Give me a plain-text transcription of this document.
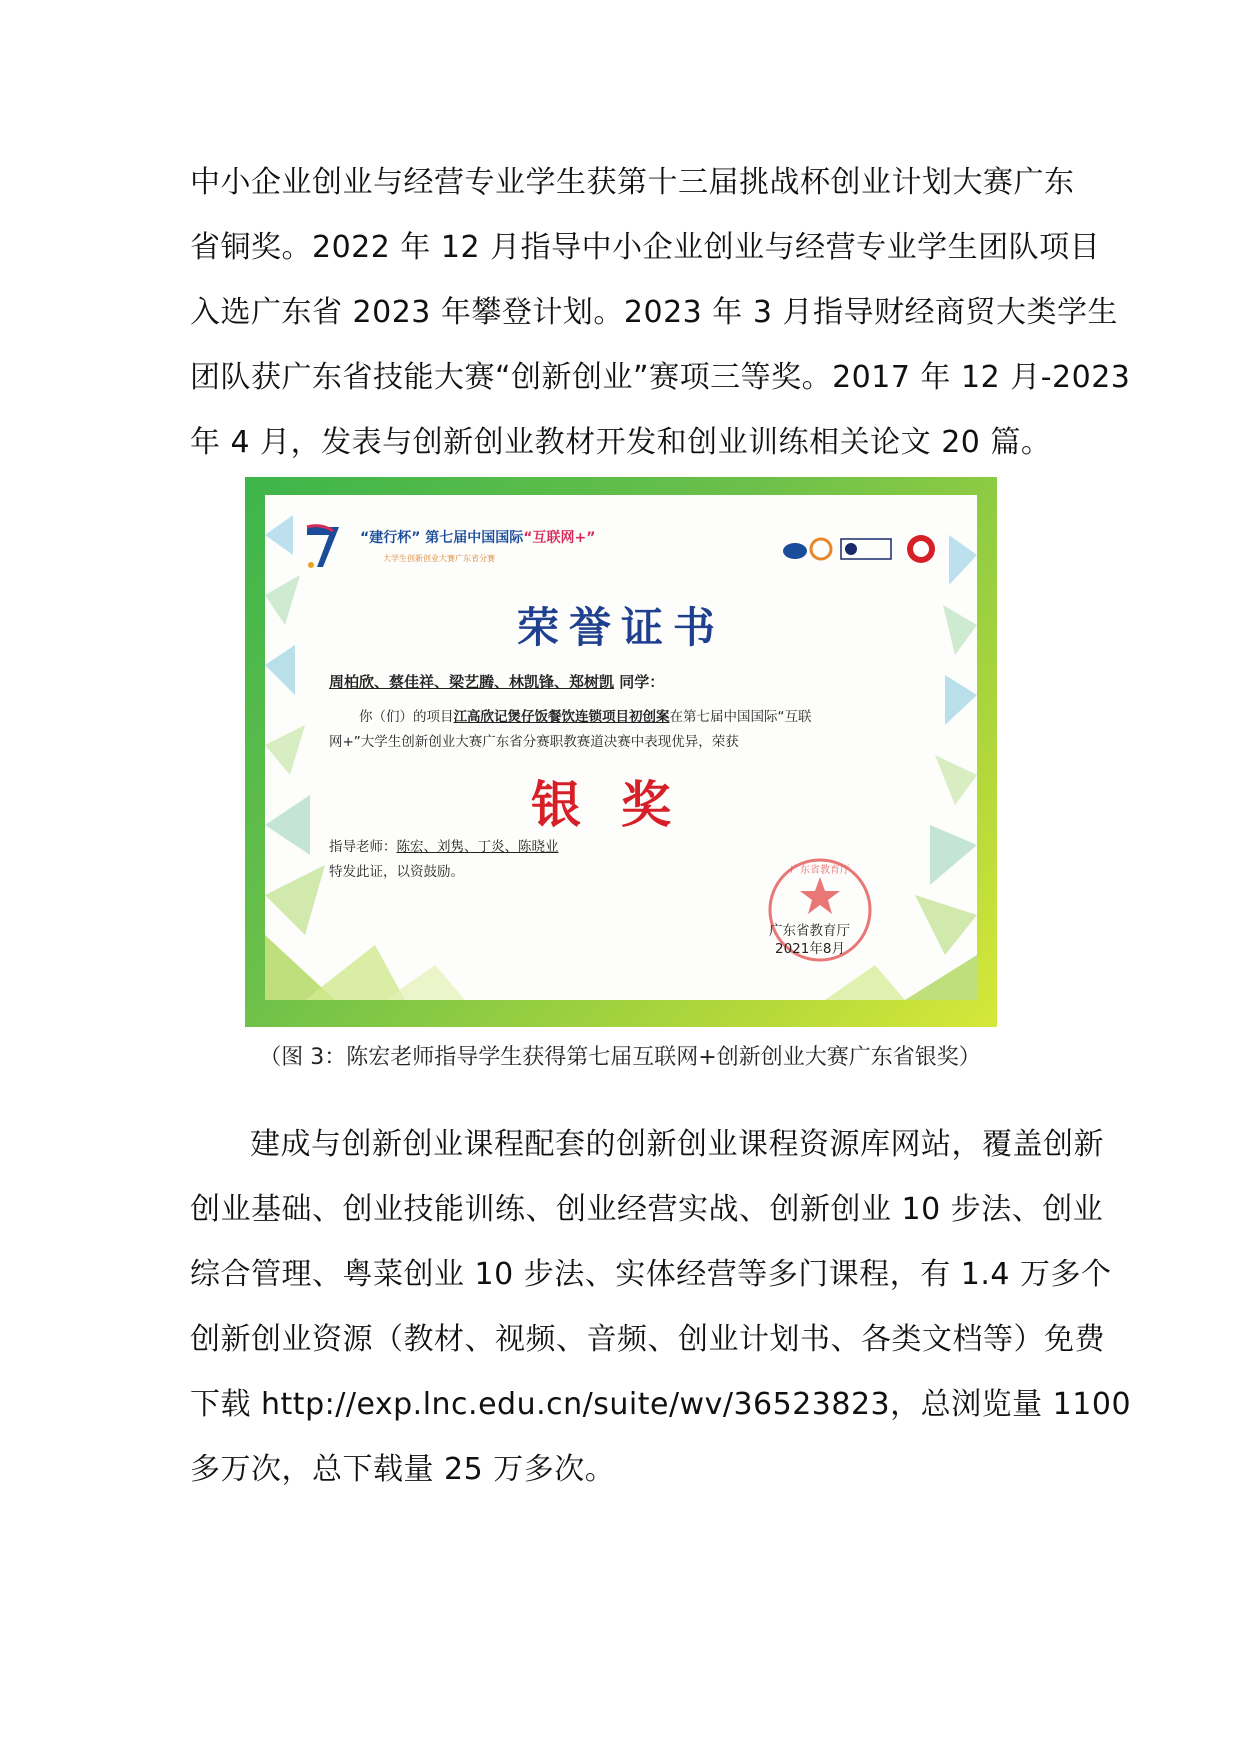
中小企业创业与经营专业学生获第十三届挑战杯创业计划大赛广东
省铜奖。2022 年 12 月指导中小企业创业与经营专业学生团队项目
入选广东省 2023 年攀登计划。2023 年 3 月指导财经商贸大类学生
团队获广东省技能大赛“创新创业”赛项三等奖。2017 年 12 月-2023
年 4 月，发表与创新创业教材开发和创业训练相关论文 20 篇。
“建行杯” 第七届中国国际“互联网+”
大学生创新创业大赛广东省分赛
荣誉证书
周柏欣、蔡佳祥、梁艺腾、林凯锋、郑树凯 同学：
你（们）的项目江高欣记煲仔饭餐饮连锁项目初创案在第七届中国国际“互联
网+”大学生创新创业大赛广东省分赛职教赛道决赛中表现优异，荣获
银奖
指导老师：陈宏、刘隽、丁炎、陈晓业
特发此证，以资鼓励。	广东省教育厅
广东省教育厅
2021年8月
（图 3：陈宏老师指导学生获得第七届互联网+创新创业大赛广东省银奖）
建成与创新创业课程配套的创新创业课程资源库网站，覆盖创新
创业基础、创业技能训练、创业经营实战、创新创业 10 步法、创业
综合管理、粤菜创业 10 步法、实体经营等多门课程，有 1.4 万多个
创新创业资源（教材、视频、音频、创业计划书、各类文档等）免费
下载 http://exp.lnc.edu.cn/suite/wv/36523823，总浏览量 1100
多万次，总下载量 25 万多次。
